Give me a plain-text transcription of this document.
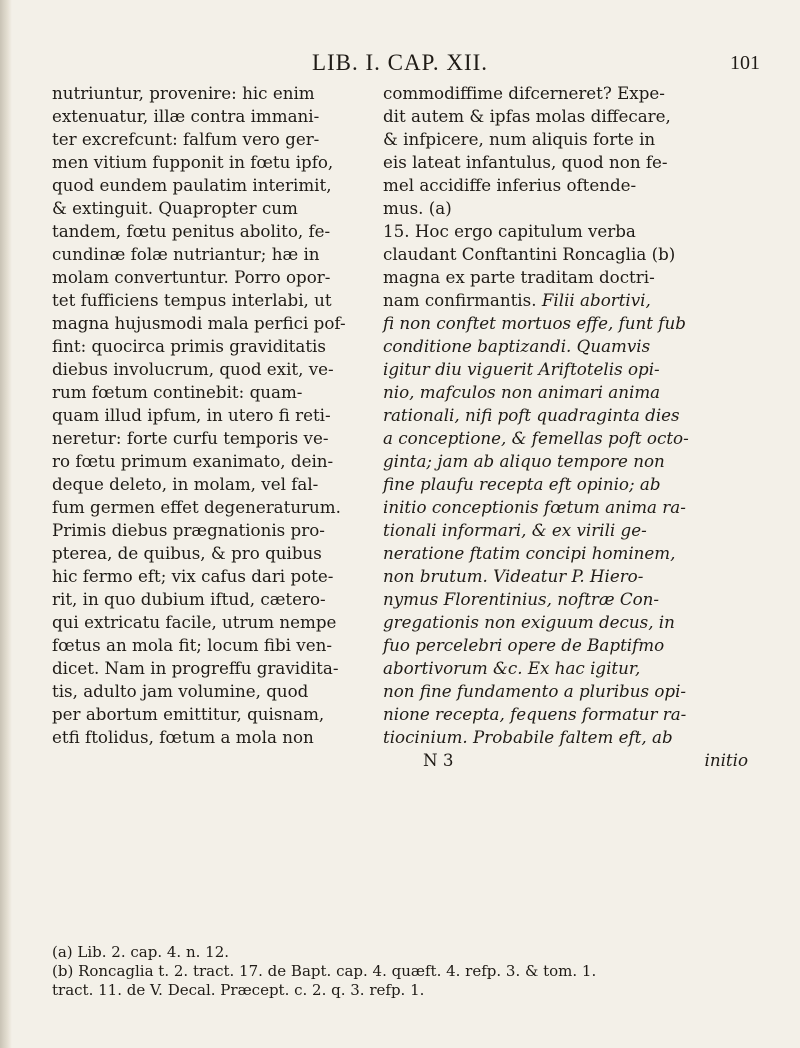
LIB. I. CAP. XII.	101
nutriuntur, provenire: hic enim
extenuatur, illæ contra immani-
ter excrefcunt: falfum vero ger-
men vitium fupponit in fœtu ipfo,
quod eundem paulatim interimit,
& extinguit. Quapropter cum
tandem, fœtu penitus abolito, fe-
cundinæ folæ nutriantur; hæ in
molam convertuntur. Porro opor-
tet fufficiens tempus interlabi, ut
magna hujusmodi mala perfici pof-
fint: quocirca primis graviditatis
diebus involucrum, quod exit, ve-
rum fœtum continebit: quam-
quam illud ipfum, in utero fi reti-
neretur: forte curfu temporis ve-
ro fœtu primum exanimato, dein-
deque deleto, in molam, vel fal-
fum germen effet degeneraturum.
Primis diebus prægnationis pro-
pterea, de quibus, & pro quibus
hic fermo eft; vix cafus dari pote-
rit, in quo dubium iftud, cætero-
qui extricatu facile, utrum nempe
fœtus an mola fit; locum fibi ven-
dicet. Nam in progreffu gravidita-
tis, adulto jam volumine, quod
per abortum emittitur, quisnam,
etfi ftolidus, fœtum a mola non
commodiffime difcerneret? Expe-
dit autem & ipfas molas diffecare,
& infpicere, num aliquis forte in
eis lateat infantulus, quod non fe-
mel accidiffe inferius oftende-
mus. (a)
15. Hoc ergo capitulum verba
claudant Conftantini Roncaglia (b)
magna ex parte traditam doctri-
nam confirmantis. Filii abortivi,
fi non conftet mortuos effe, funt fub
conditione baptizandi. Quamvis
igitur diu viguerit Ariftotelis opi-
nio, mafculos non animari anima
rationali, nifi poft quadraginta dies
a conceptione, & femellas poft octo-
ginta; jam ab aliquo tempore non
fine plaufu recepta eft opinio; ab
initio conceptionis fœtum anima ra-
tionali informari, & ex virili ge-
neratione ftatim concipi hominem,
non brutum. Videatur P. Hiero-
nymus Florentinius, noftræ Con-
gregationis non exiguum decus, in
fuo percelebri opere de Baptifmo
abortivorum &c. Ex hac igitur,
non fine fundamento a pluribus opi-
nione recepta, fequens formatur ra-
tiocinium. Probabile faltem eft, ab
N 3	initio
(a) Lib. 2. cap. 4. n. 12.
(b) Roncaglia t. 2. tract. 17. de Bapt. cap. 4. quæft. 4. refp. 3. & tom. 1.
tract. 11. de V. Decal. Præcept. c. 2. q. 3. refp. 1.
